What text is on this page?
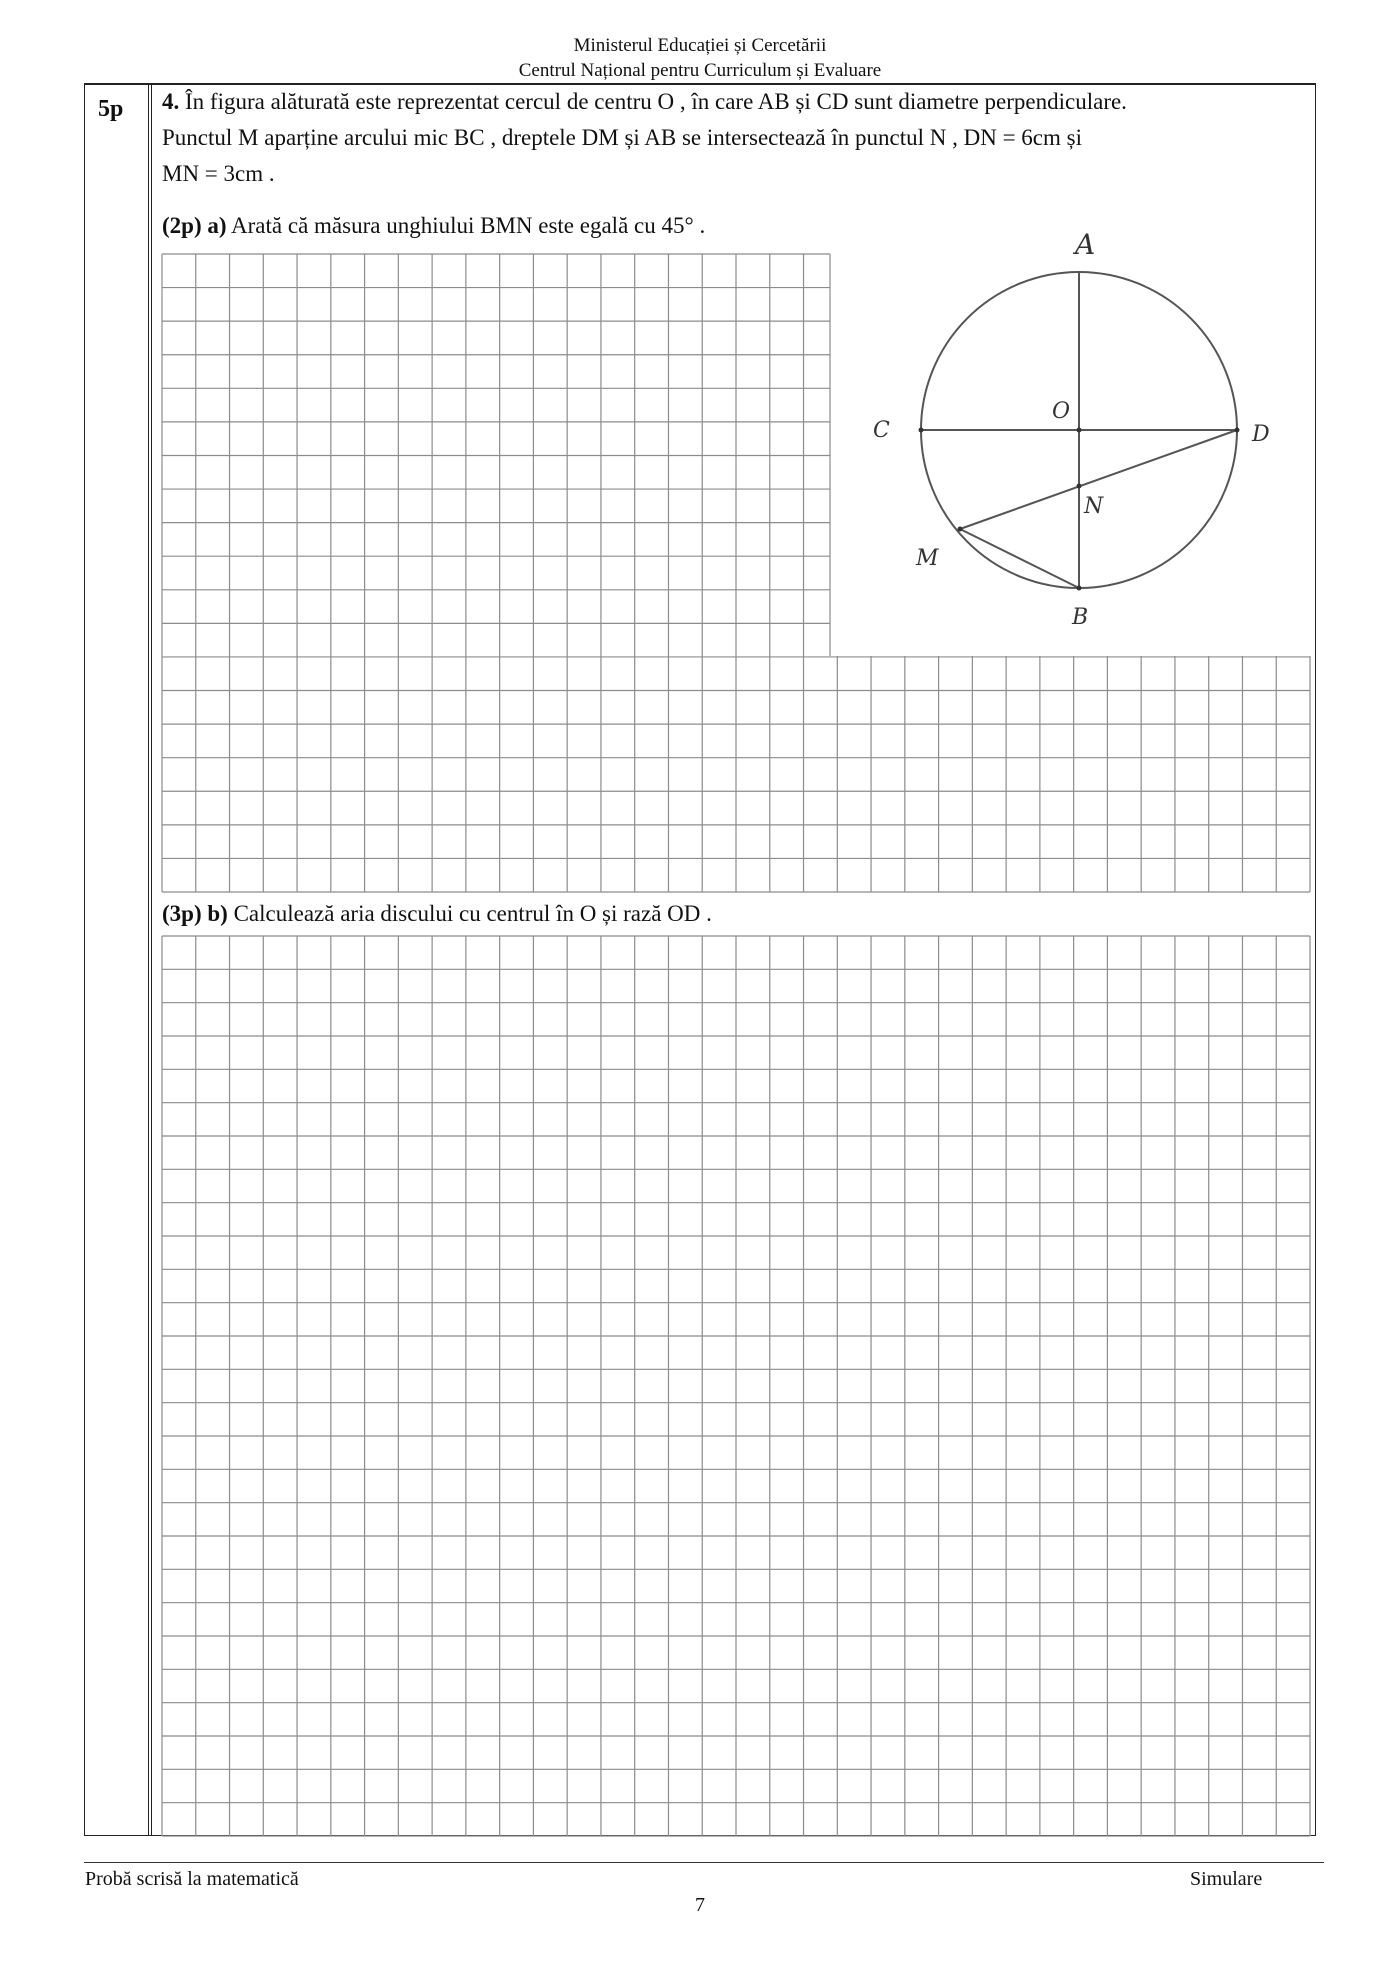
Ministerul Educației și Cercetării
Centrul Național pentru Curriculum și Evaluare
5p 4. În figura alăturată este reprezentat cercul de centru O , în care AB și CD sunt diametre perpendiculare.
Punctul M aparține arcului mic BC , dreptele DM și AB se intersectează în punctul N , DN = 6cm și
MN = 3cm .
(2p) a) Arată că măsura unghiului BMN este egală cu 45° .
(3p) b) Calculează aria discului cu centrul în O și rază OD .
A
O
C	D
N
M
B
Probă scrisă la matematică	Simulare
7
